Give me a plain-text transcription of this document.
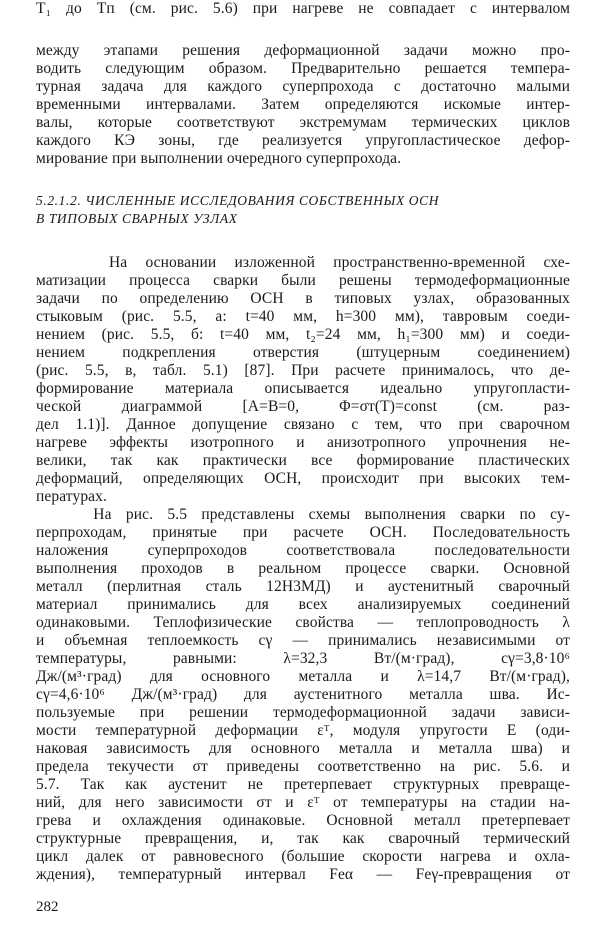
между этапами решения деформационной задачи можно про-
водить следующим образом. Предварительно решается темпера-
турная задача для каждого суперпрохода с достаточно малыми
временными интервалами. Затем определяются искомые интер-
валы, которые соответствуют экстремумам термических циклов
каждого КЭ зоны, где реализуется упругопластическое дефор-
мирование при выполнении очередного суперпрохода.
5.2.1.2. ЧИСЛЕННЫЕ ИССЛЕДОВАНИЯ СОБСТВЕННЫХ ОСН
В ТИПОВЫХ СВАРНЫХ УЗЛАХ
На основании изложенной пространственно-временной схе-
матизации процесса сварки были решены термодеформационные
задачи по определению ОСН в типовых узлах, образованных
стыковым (рис. 5.5, а: t=40 мм, h=300 мм), тавровым соеди-
нением (рис. 5.5, б: t=40 мм, t₂=24 мм, h₁=300 мм) и соеди-
нением подкрепления отверстия (штуцерным соединением)
(рис. 5.5, в, табл. 5.1) [87]. При расчете принималось, что де-
формирование материала описывается идеально упругопласти-
ческой диаграммой [A=B=0, Φ=σт(T)=const (см. раз-
дел 1.1)]. Данное допущение связано с тем, что при сварочном
нагреве эффекты изотропного и анизотропного упрочнения не-
велики, так как практически все формирование пластических
деформаций, определяющих ОСН, происходит при высоких тем-
пературах.
На рис. 5.5 представлены схемы выполнения сварки по су-
перпроходам, принятые при расчете ОСН. Последовательность
наложения суперпроходов соответствовала последовательности
выполнения проходов в реальном процессе сварки. Основной
металл (перлитная сталь 12Н3МД) и аустенитный сварочный
материал принимались для всех анализируемых соединений
одинаковыми. Теплофизические свойства — теплопроводность λ
и объемная теплоемкость cγ — принимались независимыми от
температуры, равными: λ=32,3 Вт/(м·град), cγ=3,8·10⁶
Дж/(м³·град) для основного металла и λ=14,7 Вт/(м·град),
cγ=4,6·10⁶ Дж/(м³·град) для аустенитного металла шва. Ис-
пользуемые при решении термодеформационной задачи зависи-
мости температурной деформации εᵀ, модуля упругости E (оди-
наковая зависимость для основного металла и металла шва) и
предела текучести σт приведены соответственно на рис. 5.6. и
5.7. Так как аустенит не претерпевает структурных превраще-
ний, для него зависимости σт и εᵀ от температуры на стадии на-
грева и охлаждения одинаковые. Основной металл претерпевает
структурные превращения, и, так как сварочный термический
цикл далек от равновесного (большие скорости нагрева и охла-
ждения), температурный интервал Feα — Feγ-превращения от
T₁ до Tп (см. рис. 5.6) при нагреве не совпадает с интервалом
282
